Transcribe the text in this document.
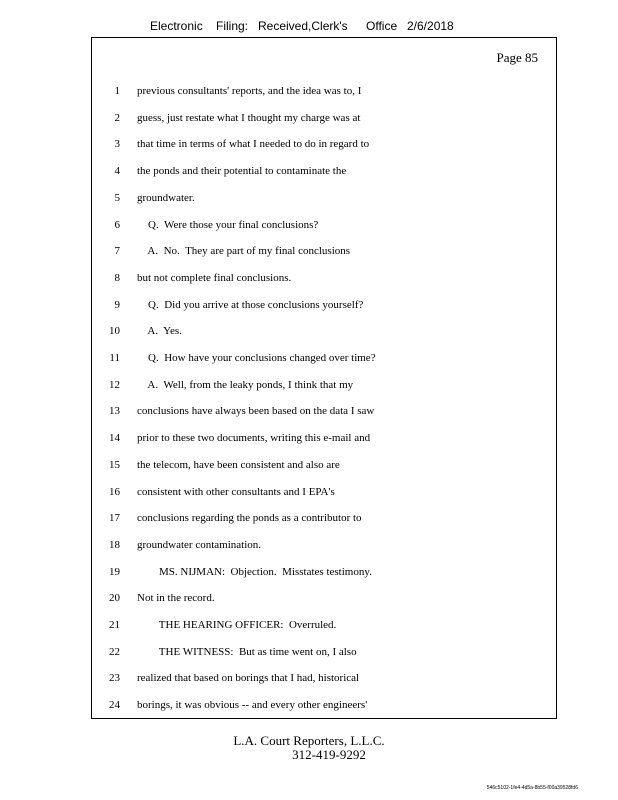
Electronic Filing: Received,Clerk's Office 2/6/2018
Page 85
1 previous consultants' reports, and the idea was to, I
2 guess, just restate what I thought my charge was at
3 that time in terms of what I needed to do in regard to
4 the ponds and their potential to contaminate the
5 groundwater.
6 Q.  Were those your final conclusions?
7 A.  No.  They are part of my final conclusions
8 but not complete final conclusions.
9 Q.  Did you arrive at those conclusions yourself?
10 A.  Yes.
11 Q.  How have your conclusions changed over time?
12 A.  Well, from the leaky ponds, I think that my
13 conclusions have always been based on the data I saw
14 prior to these two documents, writing this e-mail and
15 the telecom, have been consistent and also are
16 consistent with other consultants and I EPA's
17 conclusions regarding the ponds as a contributor to
18 groundwater contamination.
19 MS. NIJMAN:  Objection.  Misstates testimony.
20 Not in the record.
21 THE HEARING OFFICER:  Overruled.
22 THE WITNESS:  But as time went on, I also
23 realized that based on borings that I had, historical
24 borings, it was obvious -- and every other engineers'
L.A. Court Reporters, L.L.C.
312-419-9292
546c5102-1fe4-4d5a-8b55-f00a39528fd6
